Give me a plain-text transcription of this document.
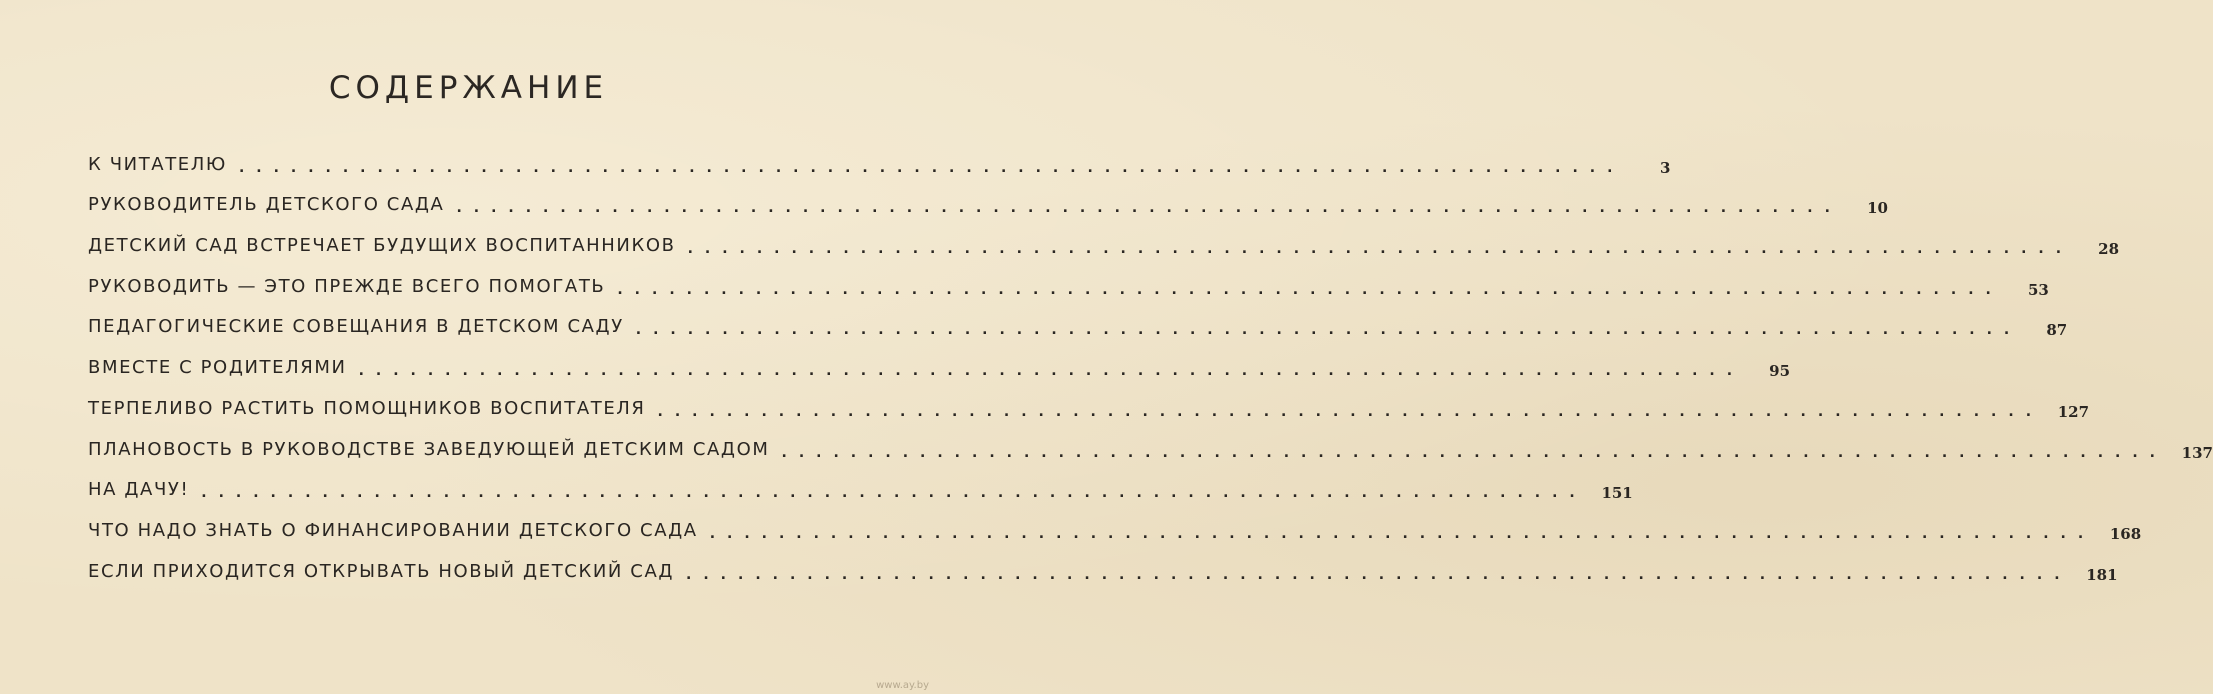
СОДЕРЖАНИЕ
К ЧИТАТЕЛЮ ................................................................................	3
РУКОВОДИТЕЛЬ ДЕТСКОГО САДА ................................................................................	10
ДЕТСКИЙ САД ВСТРЕЧАЕТ БУДУЩИХ ВОСПИТАННИКОВ ................................................................................	28
РУКОВОДИТЬ — ЭТО ПРЕЖДЕ ВСЕГО ПОМОГАТЬ ................................................................................	53
ПЕДАГОГИЧЕСКИЕ СОВЕЩАНИЯ В ДЕТСКОМ САДУ ................................................................................	87
ВМЕСТЕ С РОДИТЕЛЯМИ ................................................................................	95
ТЕРПЕЛИВО РАСТИТЬ ПОМОЩНИКОВ ВОСПИТАТЕЛЯ ................................................................................ 127
ПЛАНОВОСТЬ В РУКОВОДСТВЕ ЗАВЕДУЮЩЕЙ ДЕТСКИМ САДОМ ................................................................................ 137
НА ДАЧУ! ................................................................................ 151
ЧТО НАДО ЗНАТЬ О ФИНАНСИРОВАНИИ ДЕТСКОГО САДА ................................................................................ 168
ЕСЛИ ПРИХОДИТСЯ ОТКРЫВАТЬ НОВЫЙ ДЕТСКИЙ САД ................................................................................ 181
www.ay.by
